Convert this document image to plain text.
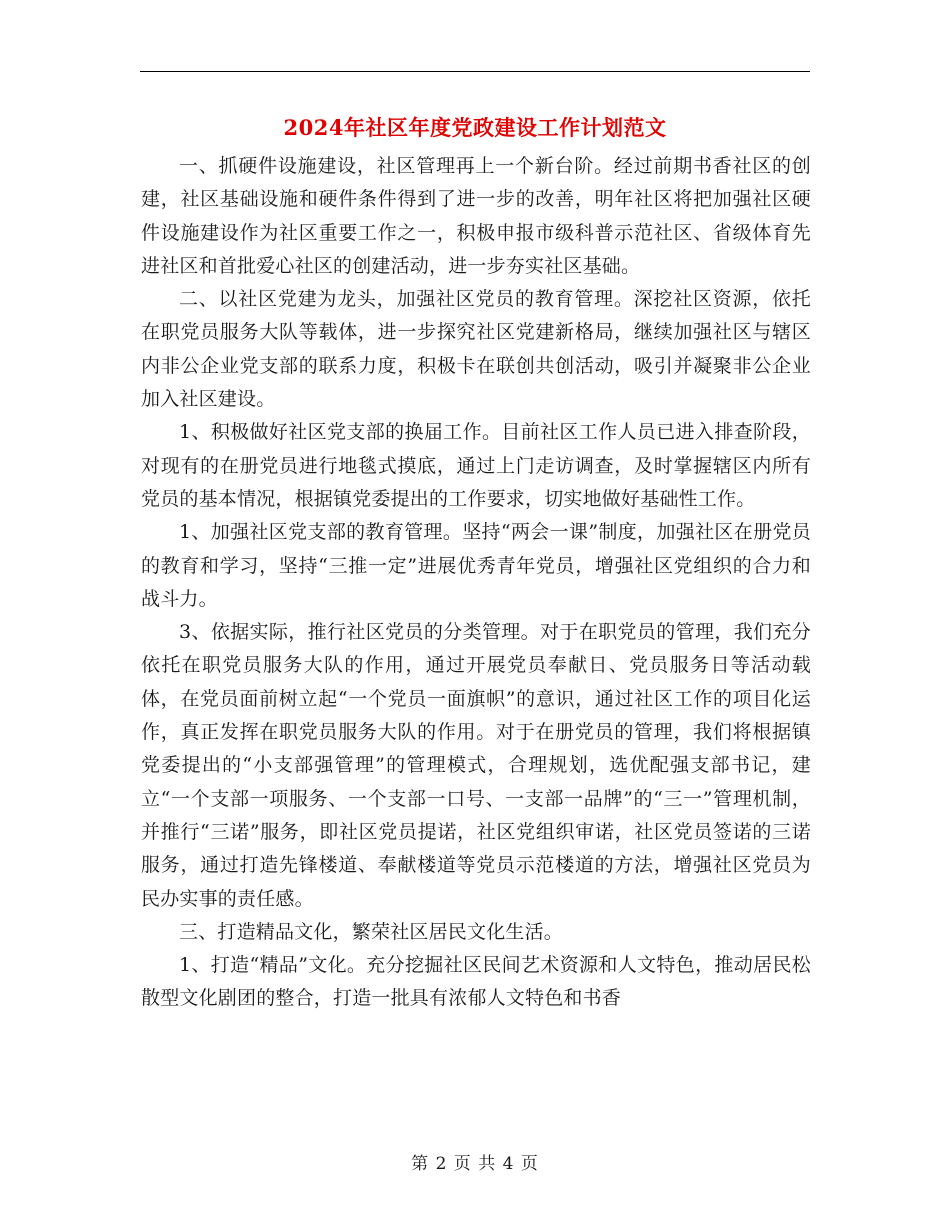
2024年社区年度党政建设工作计划范文

一、抓硬件设施建设，社区管理再上一个新台阶。经过前期书香社区的创建，社区基础设施和硬件条件得到了进一步的改善，明年社区将把加强社区硬件设施建设作为社区重要工作之一，积极申报市级科普示范社区、省级体育先进社区和首批爱心社区的创建活动，进一步夯实社区基础。

二、以社区党建为龙头，加强社区党员的教育管理。深挖社区资源，依托在职党员服务大队等载体，进一步探究社区党建新格局，继续加强社区与辖区内非公企业党支部的联系力度，积极卡在联创共创活动，吸引并凝聚非公企业加入社区建设。

1、积极做好社区党支部的换届工作。目前社区工作人员已进入排查阶段，对现有的在册党员进行地毯式摸底，通过上门走访调查，及时掌握辖区内所有党员的基本情况，根据镇党委提出的工作要求，切实地做好基础性工作。

1、加强社区党支部的教育管理。坚持“两会一课”制度，加强社区在册党员的教育和学习，坚持“三推一定”进展优秀青年党员，增强社区党组织的合力和战斗力。

3、依据实际，推行社区党员的分类管理。对于在职党员的管理，我们充分依托在职党员服务大队的作用，通过开展党员奉献日、党员服务日等活动载体，在党员面前树立起“一个党员一面旗帜”的意识，通过社区工作的项目化运作，真正发挥在职党员服务大队的作用。对于在册党员的管理，我们将根据镇党委提出的“小支部强管理”的管理模式，合理规划，选优配强支部书记，建立“一个支部一项服务、一个支部一口号、一支部一品牌”的“三一”管理机制，并推行“三诺”服务，即社区党员提诺，社区党组织审诺，社区党员签诺的三诺服务，通过打造先锋楼道、奉献楼道等党员示范楼道的方法，增强社区党员为民办实事的责任感。

三、打造精品文化，繁荣社区居民文化生活。

1、打造“精品”文化。充分挖掘社区民间艺术资源和人文特色，推动居民松散型文化剧团的整合，打造一批具有浓郁人文特色和书香

第 2 页 共 4 页
